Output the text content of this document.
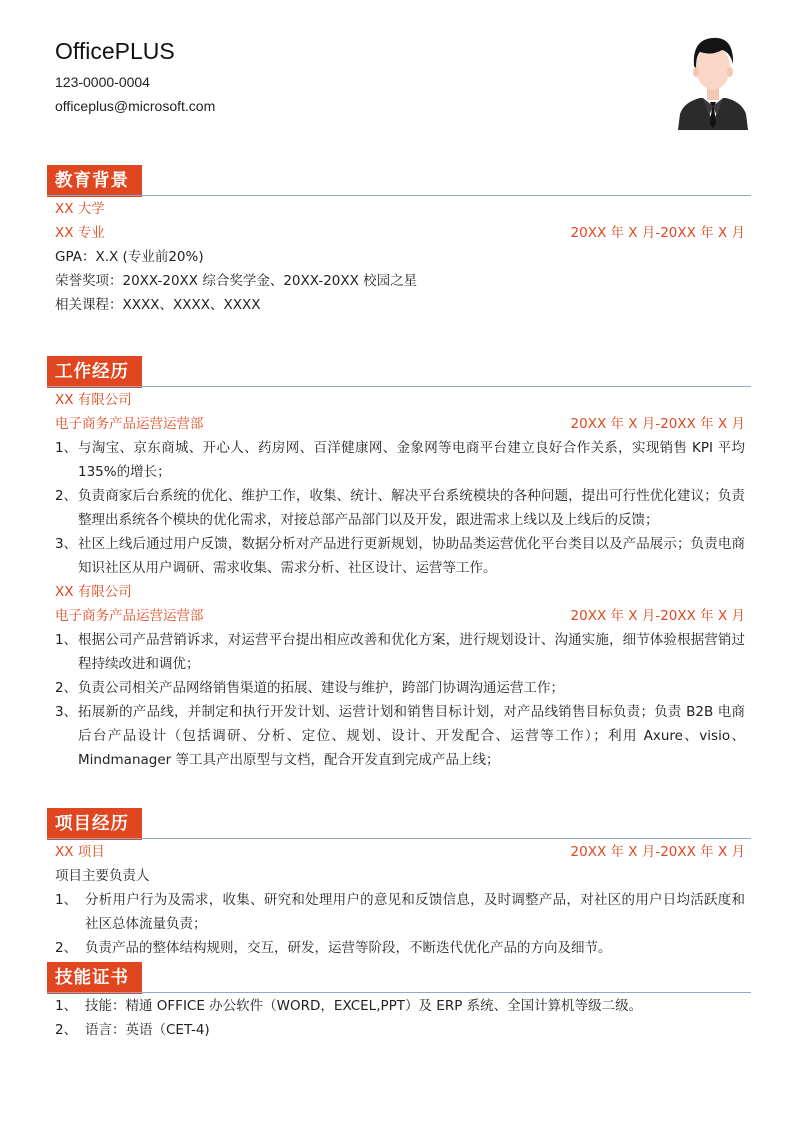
OfficePLUS
123-0000-0004
officeplus@microsoft.com
教育背景
XX 大学
XX 专业	20XX 年 X 月-20XX 年 X 月
GPA：X.X (专业前20%)
荣誉奖项：20XX-20XX 综合奖学金、20XX-20XX 校园之星
相关课程：XXXX、XXXX、XXXX
工作经历
XX 有限公司
电子商务产品运营运营部	20XX 年 X 月-20XX 年 X 月
1、 与淘宝、京东商城、开心人、药房网、百洋健康网、金象网等电商平台建立良好合作关系，实现销售 KPI 平均 135%的增长；
2、 负责商家后台系统的优化、维护工作，收集、统计、解决平台系统模块的各种问题，提出可行性优化建议；负责整理出系统各个模块的优化需求，对接总部产品部门以及开发，跟进需求上线以及上线后的反馈；
3、 社区上线后通过用户反馈，数据分析对产品进行更新规划，协助品类运营优化平台类目以及产品展示；负责电商知识社区从用户调研、需求收集、需求分析、社区设计、运营等工作。
XX 有限公司
电子商务产品运营运营部	20XX 年 X 月-20XX 年 X 月
1、 根据公司产品营销诉求，对运营平台提出相应改善和优化方案，进行规划设计、沟通实施，细节体验根据营销过程持续改进和调优；
2、 负责公司相关产品网络销售渠道的拓展、建设与维护，跨部门协调沟通运营工作；
3、 拓展新的产品线，并制定和执行开发计划、运营计划和销售目标计划，对产品线销售目标负责；负责 B2B 电商后台产品设计（包括调研、分析、定位、规划、设计、开发配合、运营等工作）；利用 Axure、visio、Mindmanager 等工具产出原型与文档，配合开发直到完成产品上线；
项目经历
XX 项目	20XX 年 X 月-20XX 年 X 月
项目主要负责人
1、 分析用户行为及需求，收集、研究和处理用户的意见和反馈信息，及时调整产品，对社区的用户日均活跃度和社区总体流量负责；
2、 负责产品的整体结构规则，交互，研发，运营等阶段，不断迭代优化产品的方向及细节。
技能证书
1、 技能：精通 OFFICE 办公软件（WORD，EXCEL,PPT）及 ERP 系统、全国计算机等级二级。
2、 语言：英语（CET-4)
